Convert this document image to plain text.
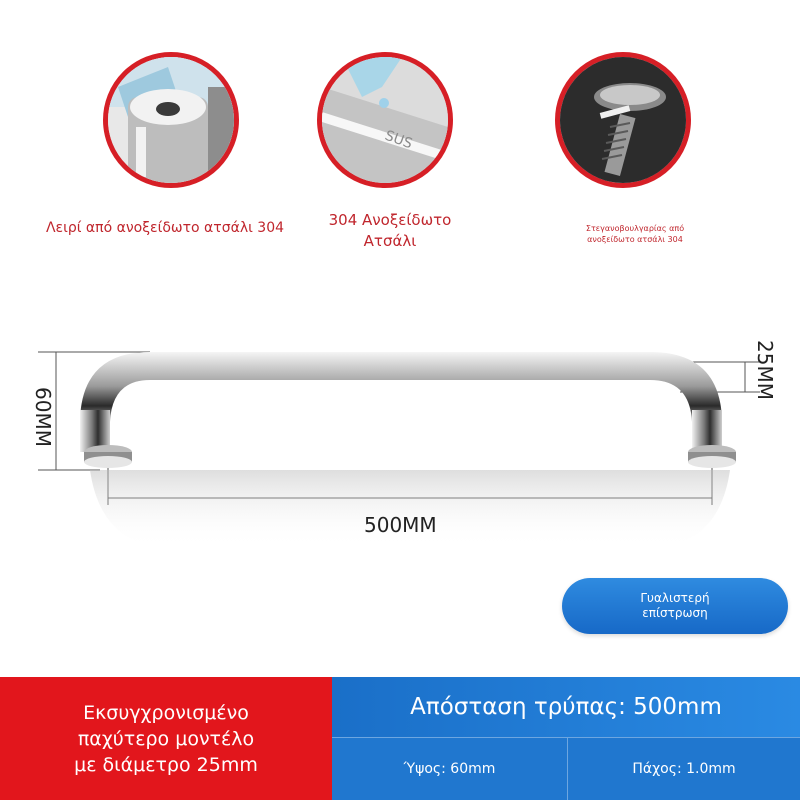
SUS
Λειρί από ανοξείδωτο ατσάλι 304	304 Ανοξείδωτο
Ατσάλι
Στεγανοβουλγαρίας από
ανοξείδωτο ατσάλι 304
500MM
60MM
25MM
Γυαλιστερή
επίστρωση
Εκσυγχρονισμένο
παχύτερο μοντέλο
με διάμετρο 25mm
Απόσταση τρύπας: 500mm
Ύψος: 60mm	Πάχος: 1.0mm
